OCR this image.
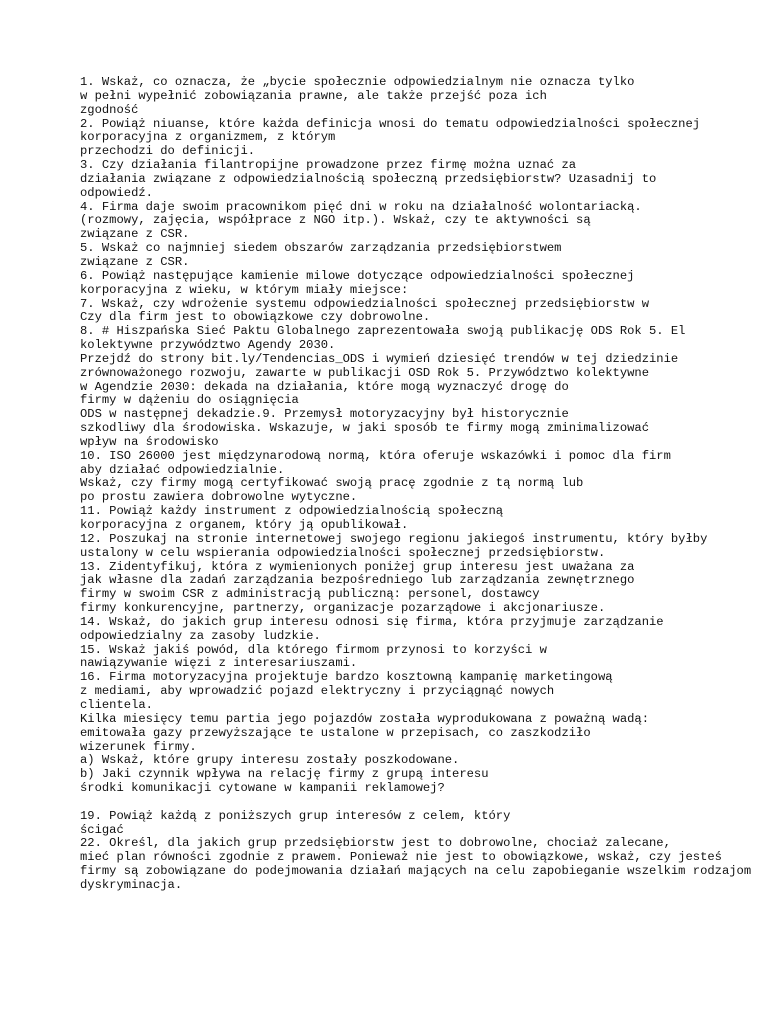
1. Wskaż, co oznacza, że „bycie społecznie odpowiedzialnym nie oznacza tylko
w pełni wypełnić zobowiązania prawne, ale także przejść poza ich
zgodność
2. Powiąż niuanse, które każda definicja wnosi do tematu odpowiedzialności społecznej
korporacyjna z organizmem, z którym
przechodzi do definicji.
3. Czy działania filantropijne prowadzone przez firmę można uznać za
działania związane z odpowiedzialnością społeczną przedsiębiorstw? Uzasadnij to
odpowiedź.
4. Firma daje swoim pracownikom pięć dni w roku na działalność wolontariacką.
(rozmowy, zajęcia, współprace z NGO itp.). Wskaż, czy te aktywności są
związane z CSR.
5. Wskaż co najmniej siedem obszarów zarządzania przedsiębiorstwem
związane z CSR.
6. Powiąż następujące kamienie milowe dotyczące odpowiedzialności społecznej
korporacyjna z wieku, w którym miały miejsce:
7. Wskaż, czy wdrożenie systemu odpowiedzialności społecznej przedsiębiorstw w
Czy dla firm jest to obowiązkowe czy dobrowolne.
8. # Hiszpańska Sieć Paktu Globalnego zaprezentowała swoją publikację ODS Rok 5. El
kolektywne przywództwo Agendy 2030.
Przejdź do strony bit.ly/Tendencias_ODS i wymień dziesięć trendów w tej dziedzinie
zrównoważonego rozwoju, zawarte w publikacji OSD Rok 5. Przywództwo kolektywne
w Agendzie 2030: dekada na działania, które mogą wyznaczyć drogę do
firmy w dążeniu do osiągnięcia
ODS w następnej dekadzie.9. Przemysł motoryzacyjny był historycznie
szkodliwy dla środowiska. Wskazuje, w jaki sposób te firmy mogą zminimalizować
wpływ na środowisko
10. ISO 26000 jest międzynarodową normą, która oferuje wskazówki i pomoc dla firm
aby działać odpowiedzialnie.
Wskaż, czy firmy mogą certyfikować swoją pracę zgodnie z tą normą lub
po prostu zawiera dobrowolne wytyczne.
11. Powiąż każdy instrument z odpowiedzialnością społeczną
korporacyjna z organem, który ją opublikował.
12. Poszukaj na stronie internetowej swojego regionu jakiegoś instrumentu, który byłby
ustalony w celu wspierania odpowiedzialności społecznej przedsiębiorstw.
13. Zidentyfikuj, która z wymienionych poniżej grup interesu jest uważana za
jak własne dla zadań zarządzania bezpośredniego lub zarządzania zewnętrznego
firmy w swoim CSR z administracją publiczną: personel, dostawcy
firmy konkurencyjne, partnerzy, organizacje pozarządowe i akcjonariusze.
14. Wskaż, do jakich grup interesu odnosi się firma, która przyjmuje zarządzanie
odpowiedzialny za zasoby ludzkie.
15. Wskaż jakiś powód, dla którego firmom przynosi to korzyści w
nawiązywanie więzi z interesariuszami.
16. Firma motoryzacyjna projektuje bardzo kosztowną kampanię marketingową
z mediami, aby wprowadzić pojazd elektryczny i przyciągnąć nowych
clientela.
Kilka miesięcy temu partia jego pojazdów została wyprodukowana z poważną wadą:
emitowała gazy przewyższające te ustalone w przepisach, co zaszkodziło
wizerunek firmy.
a) Wskaż, które grupy interesu zostały poszkodowane.
b) Jaki czynnik wpływa na relację firmy z grupą interesu
środki komunikacji cytowane w kampanii reklamowej?
19. Powiąż każdą z poniższych grup interesów z celem, który
ścigać
22. Określ, dla jakich grup przedsiębiorstw jest to dobrowolne, chociaż zalecane,
mieć plan równości zgodnie z prawem. Ponieważ nie jest to obowiązkowe, wskaż, czy jesteś
firmy są zobowiązane do podejmowania działań mających na celu zapobieganie wszelkim rodzajom
dyskryminacja.
